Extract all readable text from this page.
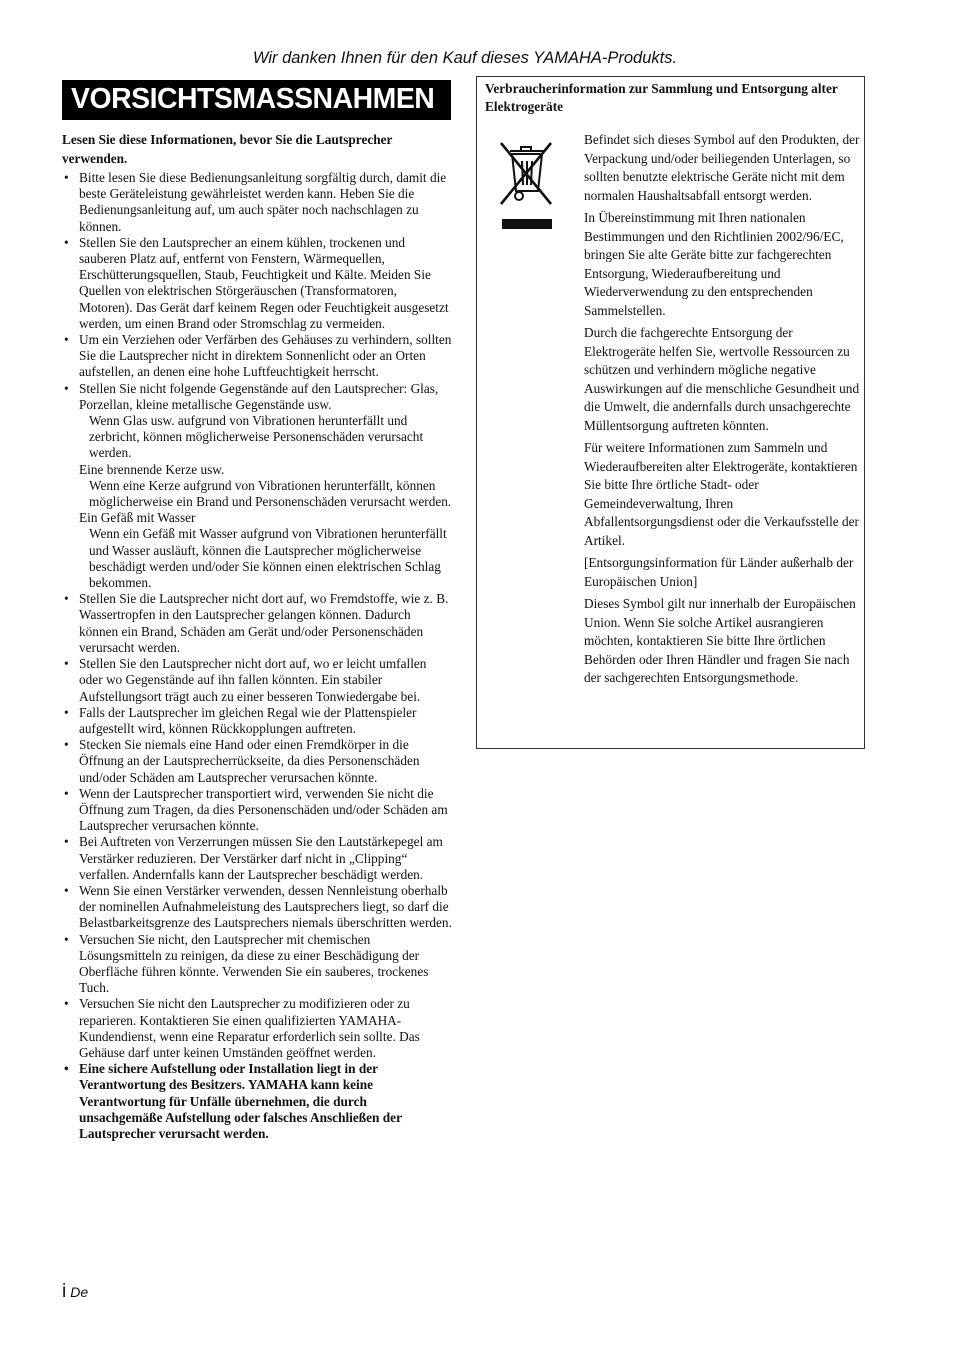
Wir danken Ihnen für den Kauf dieses YAMAHA-Produkts.
VORSICHTSMASSNAHMEN

Lesen Sie diese Informationen, bevor Sie die Lautsprecher verwenden.

• Bitte lesen Sie diese Bedienungsanleitung sorgfältig durch, damit die beste Geräteleistung gewährleistet werden kann. Heben Sie die Bedienungsanleitung auf, um auch später noch nachschlagen zu können.
• Stellen Sie den Lautsprecher an einem kühlen, trockenen und sauberen Platz auf, entfernt von Fenstern, Wärmequellen, Erschütterungsquellen, Staub, Feuchtigkeit und Kälte. Meiden Sie Quellen von elektrischen Störgeräuschen (Transformatoren, Motoren). Das Gerät darf keinem Regen oder Feuchtigkeit ausgesetzt werden, um einen Brand oder Stromschlag zu vermeiden.
• Um ein Verziehen oder Verfärben des Gehäuses zu verhindern, sollten Sie die Lautsprecher nicht in direktem Sonnenlicht oder an Orten aufstellen, an denen eine hohe Luftfeuchtigkeit herrscht.
• Stellen Sie nicht folgende Gegenstände auf den Lautsprecher: Glas, Porzellan, kleine metallische Gegenstände usw.
Wenn Glas usw. aufgrund von Vibrationen herunterfällt und zerbricht, können möglicherweise Personenschäden verursacht werden.
Eine brennende Kerze usw.
Wenn eine Kerze aufgrund von Vibrationen herunterfällt, können möglicherweise ein Brand und Personenschäden verursacht werden.
Ein Gefäß mit Wasser
Wenn ein Gefäß mit Wasser aufgrund von Vibrationen herunterfällt und Wasser ausläuft, können die Lautsprecher möglicherweise beschädigt werden und/oder Sie können einen elektrischen Schlag bekommen.
• Stellen Sie die Lautsprecher nicht dort auf, wo Fremdstoffe, wie z. B. Wassertropfen in den Lautsprecher gelangen können. Dadurch können ein Brand, Schäden am Gerät und/oder Personenschäden verursacht werden.
• Stellen Sie den Lautsprecher nicht dort auf, wo er leicht umfallen oder wo Gegenstände auf ihn fallen könnten. Ein stabiler Aufstellungsort trägt auch zu einer besseren Tonwiedergabe bei.
• Falls der Lautsprecher im gleichen Regal wie der Plattenspieler aufgestellt wird, können Rückkopplungen auftreten.
• Stecken Sie niemals eine Hand oder einen Fremdkörper in die Öffnung an der Lautsprecherrückseite, da dies Personenschäden und/oder Schäden am Lautsprecher verursachen könnte.
• Wenn der Lautsprecher transportiert wird, verwenden Sie nicht die Öffnung zum Tragen, da dies Personenschäden und/oder Schäden am Lautsprecher verursachen könnte.
• Bei Auftreten von Verzerrungen müssen Sie den Lautstärkepegel am Verstärker reduzieren. Der Verstärker darf nicht in „Clipping“ verfallen. Andernfalls kann der Lautsprecher beschädigt werden.
• Wenn Sie einen Verstärker verwenden, dessen Nennleistung oberhalb der nominellen Aufnahmeleistung des Lautsprechers liegt, so darf die Belastbarkeitsgrenze des Lautsprechers niemals überschritten werden.
• Versuchen Sie nicht, den Lautsprecher mit chemischen Lösungsmitteln zu reinigen, da diese zu einer Beschädigung der Oberfläche führen könnte. Verwenden Sie ein sauberes, trockenes Tuch.
• Versuchen Sie nicht den Lautsprecher zu modifizieren oder zu reparieren. Kontaktieren Sie einen qualifizierten YAMAHA-Kundendienst, wenn eine Reparatur erforderlich sein sollte. Das Gehäuse darf unter keinen Umständen geöffnet werden.
• Eine sichere Aufstellung oder Installation liegt in der Verantwortung des Besitzers. YAMAHA kann keine Verantwortung für Unfälle übernehmen, die durch unsachgemäße Aufstellung oder falsches Anschließen der Lautsprecher verursacht werden.
i De
Verbraucherinformation zur Sammlung und Entsorgung alter Elektrogeräte

Befindet sich dieses Symbol auf den Produkten, der Verpackung und/oder beiliegenden Unterlagen, so sollten benutzte elektrische Geräte nicht mit dem normalen Haushaltsabfall entsorgt werden.

In Übereinstimmung mit Ihren nationalen Bestimmungen und den Richtlinien 2002/96/EC, bringen Sie alte Geräte bitte zur fachgerechten Entsorgung, Wiederaufbereitung und Wiederverwendung zu den entsprechenden Sammelstellen.

Durch die fachgerechte Entsorgung der Elektrogeräte helfen Sie, wertvolle Ressourcen zu schützen und verhindern mögliche negative Auswirkungen auf die menschliche Gesundheit und die Umwelt, die andernfalls durch unsachgerechte Müllentsorgung auftreten könnten.

Für weitere Informationen zum Sammeln und Wiederaufbereiten alter Elektrogeräte, kontaktieren Sie bitte Ihre örtliche Stadt- oder Gemeindeverwaltung, Ihren Abfallentsorgungsdienst oder die Verkaufsstelle der Artikel.

[Entsorgungsinformation für Länder außerhalb der Europäischen Union]

Dieses Symbol gilt nur innerhalb der Europäischen Union. Wenn Sie solche Artikel ausrangieren möchten, kontaktieren Sie bitte Ihre örtlichen Behörden oder Ihren Händler und fragen Sie nach der sachgerechten Entsorgungsmethode.
